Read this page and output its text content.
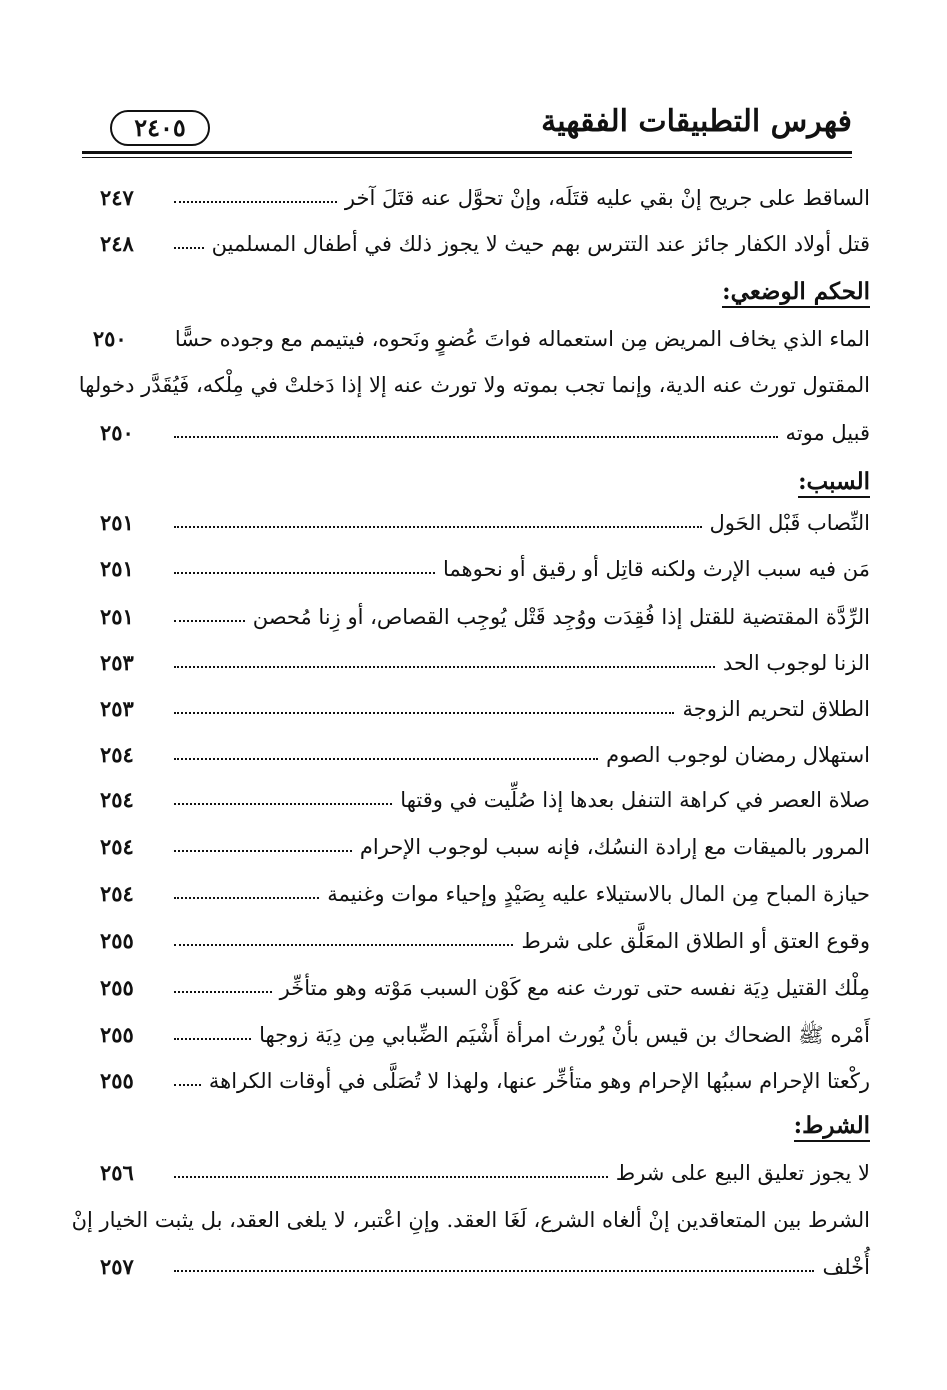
فهرس التطبيقات الفقهية
٢٤٠٥
الساقط على جريح إنْ بقي عليه قتَلَه، وإنْ تحوَّل عنه قتَلَ آخر
٢٤٧
قتل أولاد الكفار جائز عند التترس بهم حيث لا يجوز ذلك في أطفال المسلمين
٢٤٨
الحكم الوضعي:
الماء الذي يخاف المريض مِن استعماله فواتَ عُضوٍ ونَحوه، فيتيمم مع وجوده حسًّا
٢٥٠
المقتول تورث عنه الدية، وإنما تجب بموته ولا تورث عنه إلا إذا دَخلتْ في مِلْكه، فَيُقَدَّر دخولها
قبيل موته
٢٥٠
السبب:
النِّصاب قَبْل الحَول
٢٥١
مَن فيه سبب الإرث ولكنه قاتِل أو رقيق أو نحوهما
٢٥١
الرِّدَّة المقتضية للقتل إذا فُقِدَت ووُجِد قَتْل يُوجِب القصاص، أو زِنا مُحصن
٢٥١
الزنا لوجوب الحد
٢٥٣
الطلاق لتحريم الزوجة
٢٥٣
استهلال رمضان لوجوب الصوم
٢٥٤
صلاة العصر في كراهة التنفل بعدها إذا صُلِّيت في وقتها
٢٥٤
المرور بالميقات مع إرادة النسُك، فإنه سبب لوجوب الإحرام
٢٥٤
حيازة المباح مِن المال بالاستيلاء عليه بِصَيْدٍ وإحياء موات وغنيمة
٢٥٤
وقوع العتق أو الطلاق المعَلَّق على شرط
٢٥٥
مِلْك القتيل دِيَة نفسه حتى تورث عنه مع كَوْن السبب مَوْته وهو متأخِّر
٢٥٥
أَمْره ﷺ الضحاك بن قيس بأنْ يُورث امرأة أَشْيَم الضِّبابي مِن دِيَة زوجها
٢٥٥
ركْعتا الإحرام سببُها الإحرام وهو متأخِّر عنها، ولهذا لا تُصَلَّى في أوقات الكراهة
٢٥٥
الشرط:
لا يجوز تعليق البيع على شرط
٢٥٦
الشرط بين المتعاقدين إنْ ألغاه الشرع، لَغَا العقد. وإنِ اعْتبر، لا يلغى العقد، بل يثبت الخيار إنْ
أُخْلف
٢٥٧
